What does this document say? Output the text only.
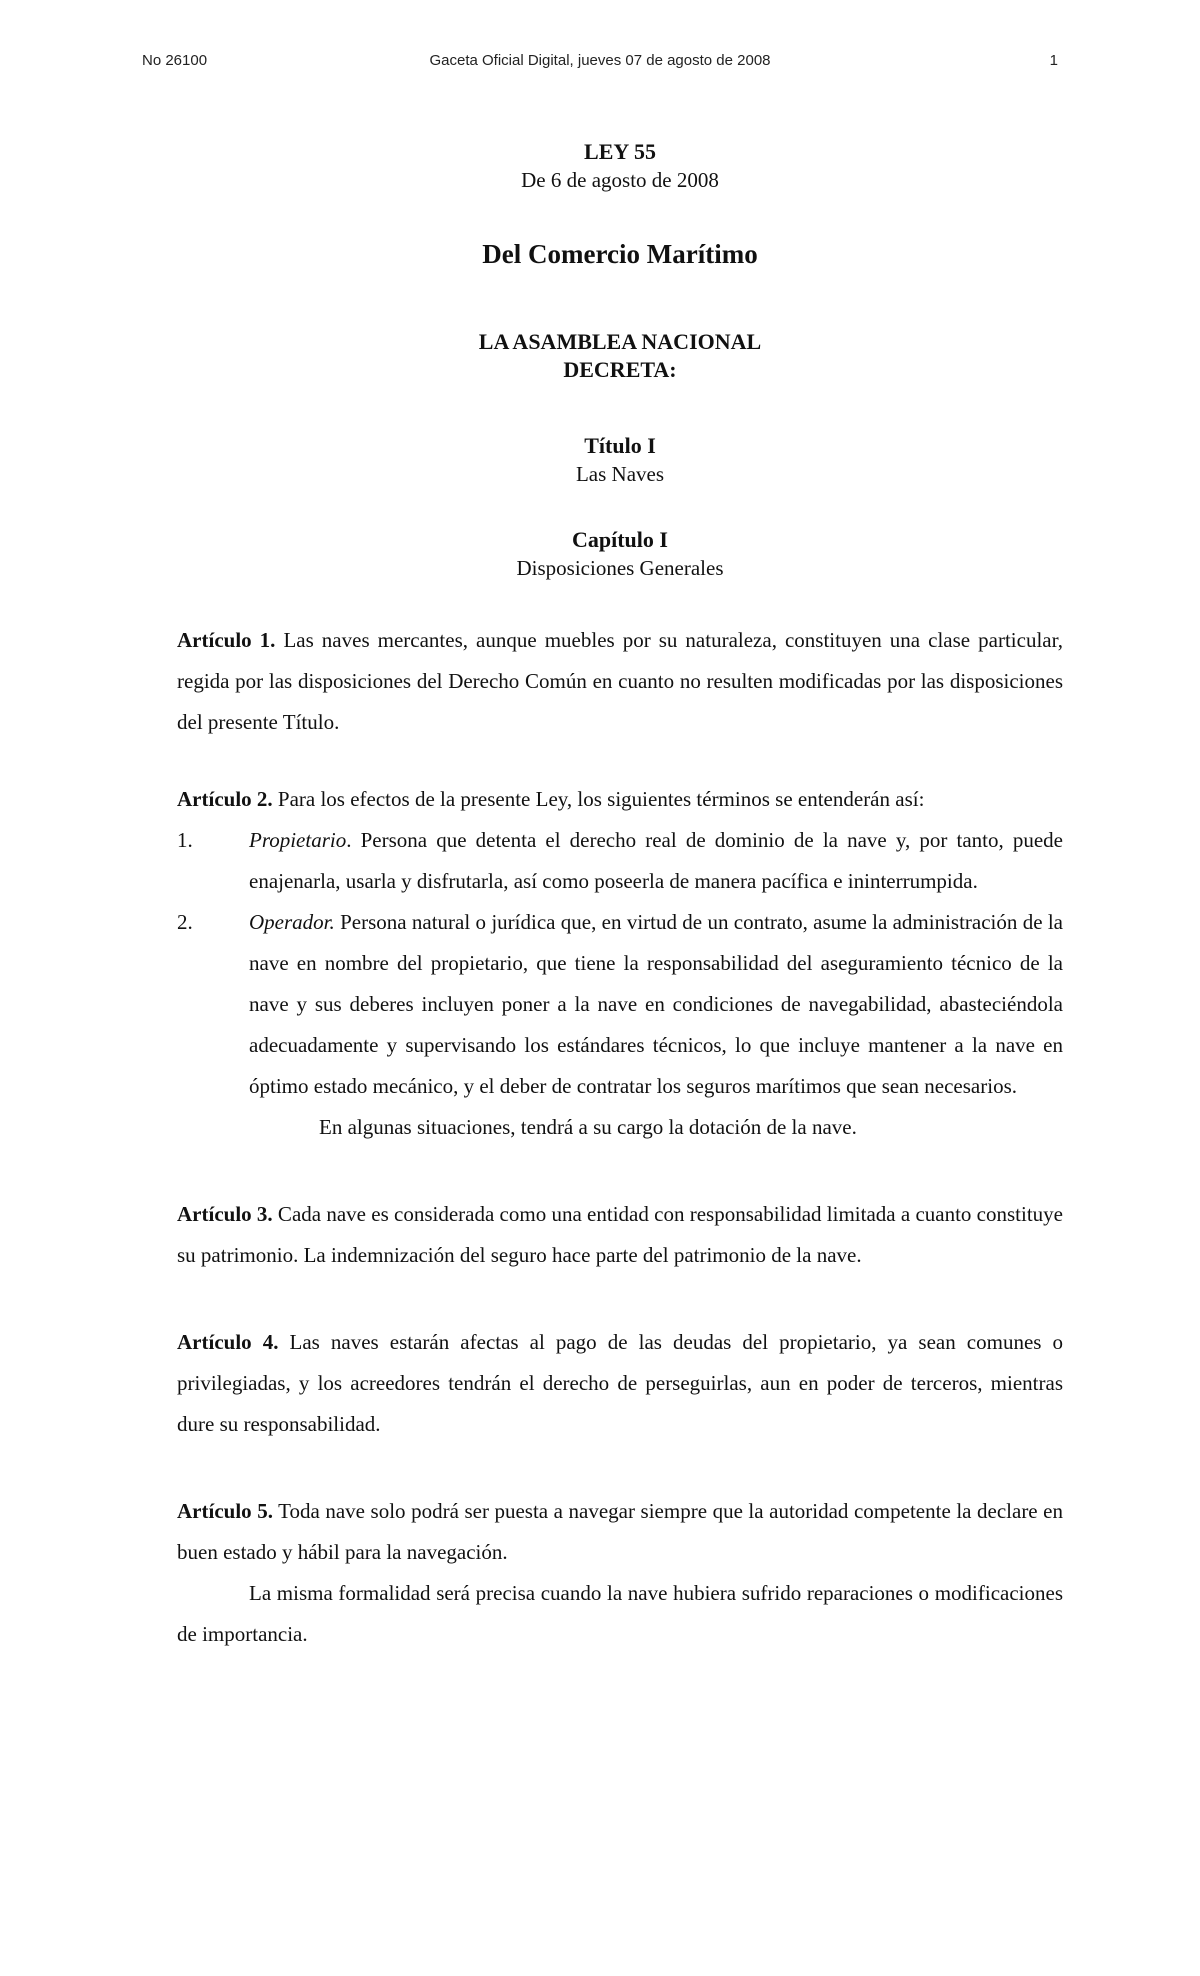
No 26100	Gaceta Oficial Digital, jueves 07 de agosto de 2008	1
LEY 55
De 6 de agosto de 2008
Del Comercio Marítimo
LA ASAMBLEA NACIONAL
DECRETA:
Título I
Las Naves
Capítulo I
Disposiciones Generales

Artículo 1. Las naves mercantes, aunque muebles por su naturaleza, constituyen una clase particular, regida por las disposiciones del Derecho Común en cuanto no resulten modificadas por las disposiciones del presente Título.

Artículo 2. Para los efectos de la presente Ley, los siguientes términos se entenderán así:
1.	Propietario. Persona que detenta el derecho real de dominio de la nave y, por tanto, puede enajenarla, usarla y disfrutarla, así como poseerla de manera pacífica e ininterrumpida.
2.	Operador. Persona natural o jurídica que, en virtud de un contrato, asume la administración de la nave en nombre del propietario, que tiene la responsabilidad del aseguramiento técnico de la nave y sus deberes incluyen poner a la nave en condiciones de navegabilidad, abasteciéndola adecuadamente y supervisando los estándares técnicos, lo que incluye mantener a la nave en óptimo estado mecánico, y el deber de contratar los seguros marítimos que sean necesarios.
En algunas situaciones, tendrá a su cargo la dotación de la nave.

Artículo 3. Cada nave es considerada como una entidad con responsabilidad limitada a cuanto constituye su patrimonio. La indemnización del seguro hace parte del patrimonio de la nave.

Artículo 4. Las naves estarán afectas al pago de las deudas del propietario, ya sean comunes o privilegiadas, y los acreedores tendrán el derecho de perseguirlas, aun en poder de terceros, mientras dure su responsabilidad.

Artículo 5. Toda nave solo podrá ser puesta a navegar siempre que la autoridad competente la declare en buen estado y hábil para la navegación.
La misma formalidad será precisa cuando la nave hubiera sufrido reparaciones o modificaciones de importancia.
